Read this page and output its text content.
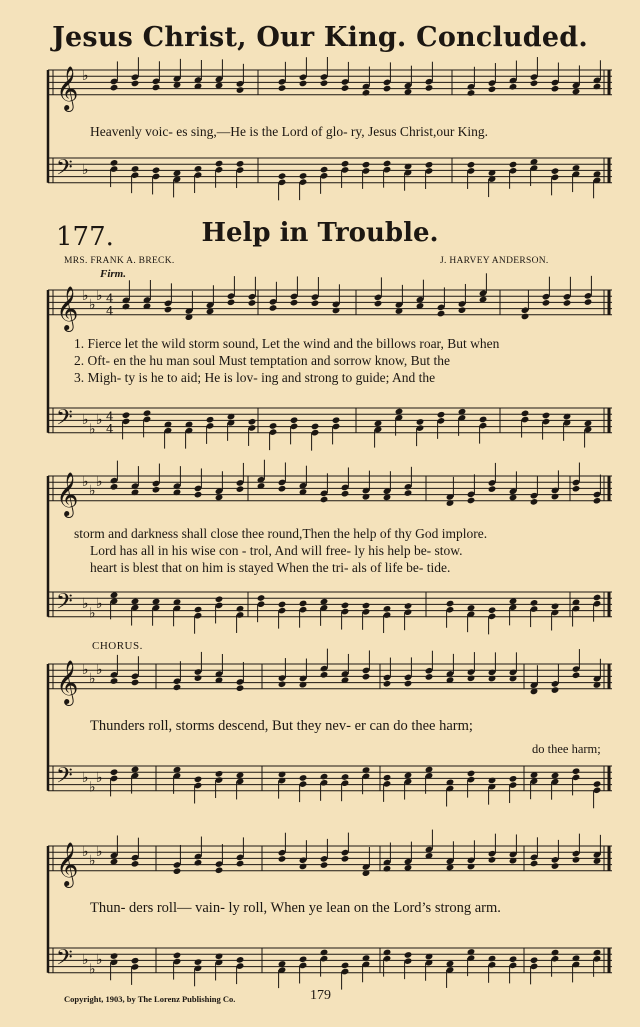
Jesus Christ, Our King. Concluded.
177.	Help in Trouble.
MRS. FRANK A. BRECK.	J. HARVEY ANDERSON.
Firm.
CHORUS.
𝄞
𝄢
♭
♭
𝄞
𝄢
♭
♭
♭
♭
♭
♭
4
4
4
4
𝄞
𝄢
♭
♭
♭
♭
♭
♭
𝄞
𝄢
♭
♭
♭
♭
♭
♭
𝄞
𝄢
♭
♭
♭
♭
♭
♭
Heavenly voic- es sing,—He is the Lord of glo- ry, Jesus Christ,our King.
1. Fierce let the wild storm sound, Let the wind and the billows roar, But when
2. Oft- en the hu man soul Must temptation and sorrow know, But the
3. Migh- ty is he to aid; He is lov- ing and strong to guide; And the
storm and darkness shall close thee round,Then the help of thy God implore.
Lord has all in his wise con - trol, And will free- ly his help be- stow.
heart is blest that on him is stayed When the tri- als of life be- tide.
Thunders roll, storms descend, But they nev- er can do thee harm;
do thee harm;
Thun- ders roll— vain- ly roll, When ye lean on the Lord’s strong arm.
Copyright, 1903, by The Lorenz Publishing Co.	179
